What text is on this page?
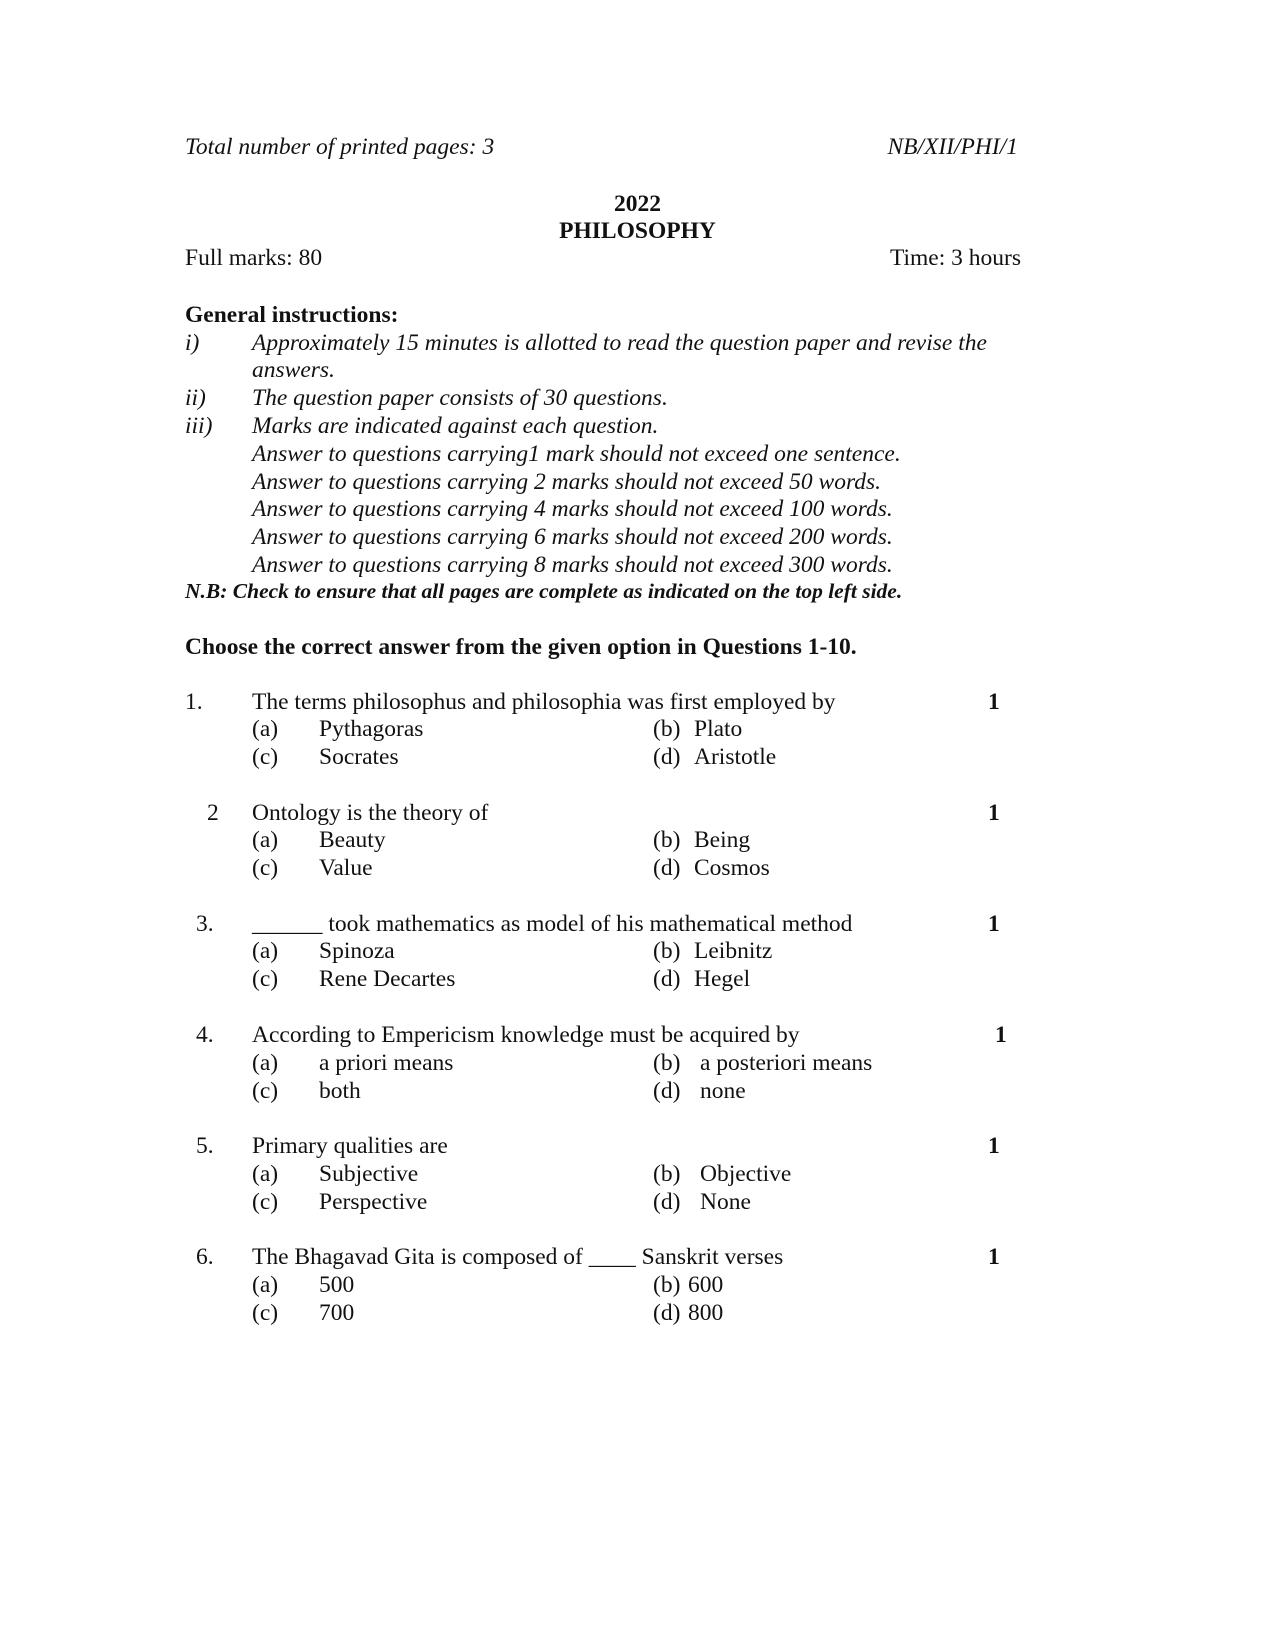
Total number of printed pages: 3	NB/XII/PHI/1
2022
PHILOSOPHY
Full marks: 80	Time: 3 hours
General instructions:
i) Approximately 15 minutes is allotted to read the question paper and revise the
answers.
ii) The question paper consists of 30 questions.
iii) Marks are indicated against each question.
Answer to questions carrying1 mark should not exceed one sentence.
Answer to questions carrying 2 marks should not exceed 50 words.
Answer to questions carrying 4 marks should not exceed 100 words.
Answer to questions carrying 6 marks should not exceed 200 words.
Answer to questions carrying 8 marks should not exceed 300 words.
N.B: Check to ensure that all pages are complete as indicated on the top left side.
Choose the correct answer from the given option in Questions 1-10.
1. The terms philosophus and philosophia was first employed by	1
(a) Pythagoras	(b) Plato
(c) Socrates	(d) Aristotle
2 Ontology is the theory of	1
(a) Beauty	(b) Being
(c) Value	(d) Cosmos
3. ______ took mathematics as model of his mathematical method	1
(a) Spinoza	(b) Leibnitz
(c) Rene Decartes	(d) Hegel
4. According to Empericism knowledge must be acquired by	1
(a) a priori means	(b) a posteriori means
(c) both	(d) none
5. Primary qualities are	1
(a) Subjective	(b) Objective
(c) Perspective	(d) None
6. The Bhagavad Gita is composed of ____ Sanskrit verses	1
(a) 500	(b) 600
(c) 700	(d) 800
